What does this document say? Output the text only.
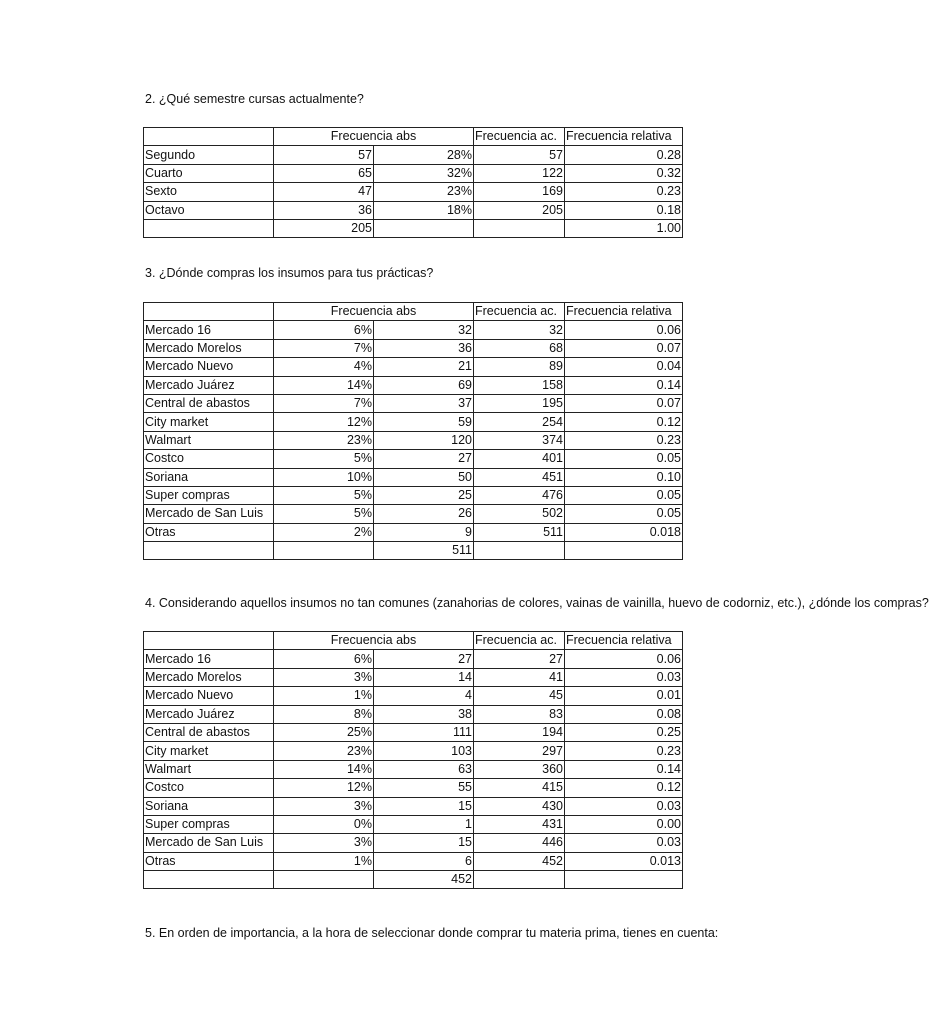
2. ¿Qué semestre cursas actualmente?
	Frecuencia abs		Frecuencia ac.	Frecuencia relativa
Segundo	57	28%	57	0.28
Cuarto	65	32%	122	0.32
Sexto	47	23%	169	0.23
Octavo	36	18%	205	0.18
	205			1.00
3. ¿Dónde compras los insumos para tus prácticas?
	Frecuencia abs		Frecuencia ac.	Frecuencia relativa
Mercado 16	6%	32	32	0.06
Mercado Morelos	7%	36	68	0.07
Mercado Nuevo	4%	21	89	0.04
Mercado Juárez	14%	69	158	0.14
Central de abastos	7%	37	195	0.07
City market	12%	59	254	0.12
Walmart	23%	120	374	0.23
Costco	5%	27	401	0.05
Soriana	10%	50	451	0.10
Super compras	5%	25	476	0.05
Mercado de San Luis	5%	26	502	0.05
Otras	2%	9	511	0.018
		511		
4. Considerando aquellos insumos no tan comunes (zanahorias de colores, vainas de vainilla, huevo de codorniz, etc.), ¿dónde los compras?
	Frecuencia abs		Frecuencia ac.	Frecuencia relativa
Mercado 16	6%	27	27	0.06
Mercado Morelos	3%	14	41	0.03
Mercado Nuevo	1%	4	45	0.01
Mercado Juárez	8%	38	83	0.08
Central de abastos	25%	111	194	0.25
City market	23%	103	297	0.23
Walmart	14%	63	360	0.14
Costco	12%	55	415	0.12
Soriana	3%	15	430	0.03
Super compras	0%	1	431	0.00
Mercado de San Luis	3%	15	446	0.03
Otras	1%	6	452	0.013
		452		
5. En orden de importancia, a la hora de seleccionar donde comprar tu materia prima, tienes en cuenta:
